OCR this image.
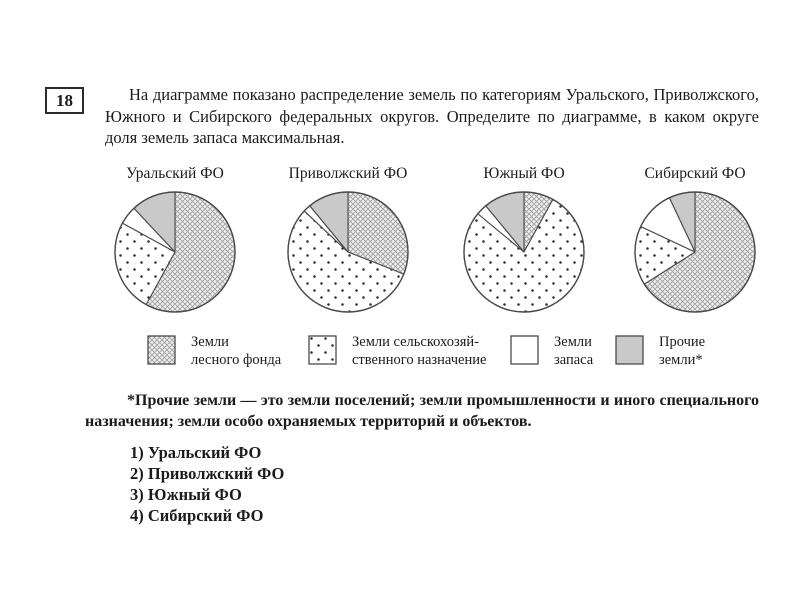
18	На диаграмме показано распределение земель по категориям Уральского, Приволжского, Южного и Сибирского федеральных округов. Определите по диаграмме, в каком округе доля земель запаса максимальная.

Уральский ФО	Приволжский ФО	Южный ФО	Сибирский ФО
Земли
лесного фонда
Земли сельскохозяй-
ственного назначение
Земли
запаса
Прочие
земли*

*Прочие земли — это земли поселений; земли промышленности и иного специального назначения; земли особо охраняемых территорий и объектов.

1) Уральский ФО
2) Приволжский ФО
3) Южный ФО
4) Сибирский ФО
